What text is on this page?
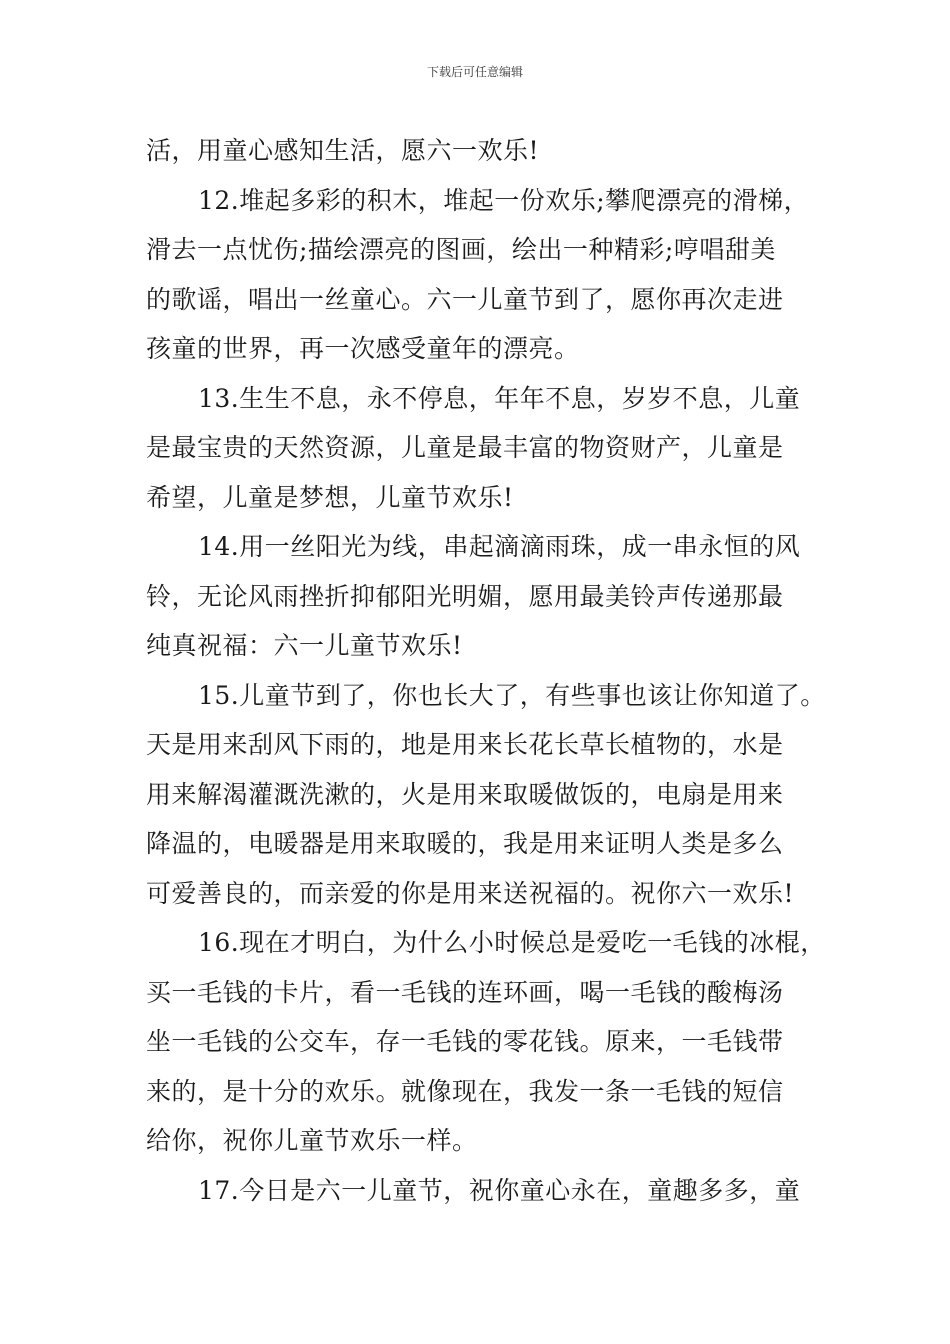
下载后可任意编辑
活，用童心感知生活，愿六一欢乐!
12.堆起多彩的积木，堆起一份欢乐;攀爬漂亮的滑梯，
滑去一点忧伤;描绘漂亮的图画，绘出一种精彩;哼唱甜美
的歌谣，唱出一丝童心。六一儿童节到了，愿你再次走进
孩童的世界，再一次感受童年的漂亮。
13.生生不息，永不停息，年年不息，岁岁不息，儿童
是最宝贵的天然资源，儿童是最丰富的物资财产，儿童是
希望，儿童是梦想，儿童节欢乐!
14.用一丝阳光为线，串起滴滴雨珠，成一串永恒的风
铃，无论风雨挫折抑郁阳光明媚，愿用最美铃声传递那最
纯真祝福：六一儿童节欢乐!
15.儿童节到了，你也长大了，有些事也该让你知道了。
天是用来刮风下雨的，地是用来长花长草长植物的，水是
用来解渴灌溉洗漱的，火是用来取暖做饭的，电扇是用来
降温的，电暖器是用来取暖的，我是用来证明人类是多么
可爱善良的，而亲爱的你是用来送祝福的。祝你六一欢乐!
16.现在才明白，为什么小时候总是爱吃一毛钱的冰棍，
买一毛钱的卡片，看一毛钱的连环画，喝一毛钱的酸梅汤
坐一毛钱的公交车，存一毛钱的零花钱。原来，一毛钱带
来的，是十分的欢乐。就像现在，我发一条一毛钱的短信
给你，祝你儿童节欢乐一样。
17.今日是六一儿童节，祝你童心永在，童趣多多，童
